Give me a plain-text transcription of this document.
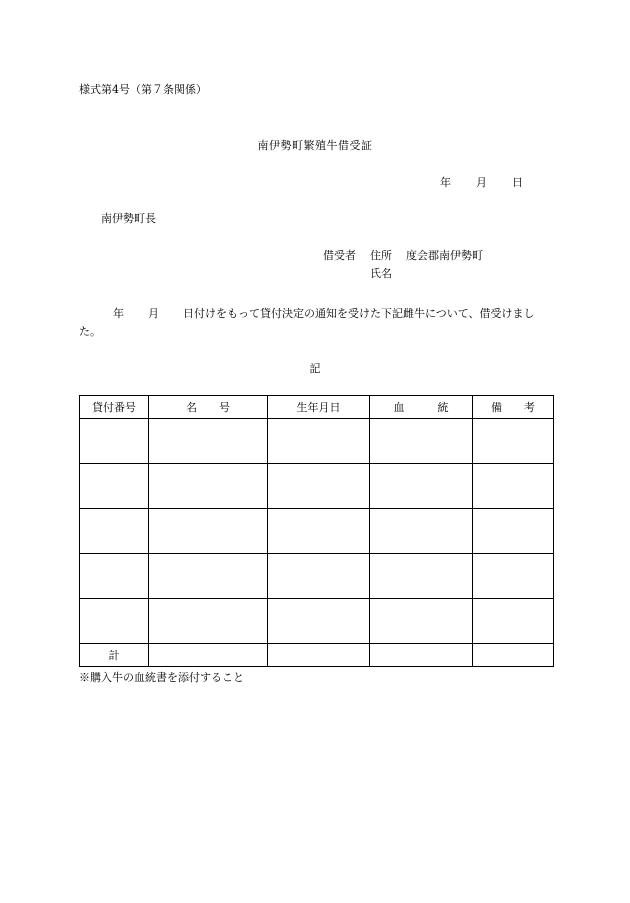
様式第4号（第７条関係）
南伊勢町繁殖牛借受証
年 月 日
南伊勢町長
借受者 住所 度会郡南伊勢町
氏名
年 月 日付けをもって貸付決定の通知を受けた下記雌牛について、借受けました。
記
貸付番号	名　　号	生年月日	血　　　統	備　　考

計				
※購入牛の血統書を添付すること
